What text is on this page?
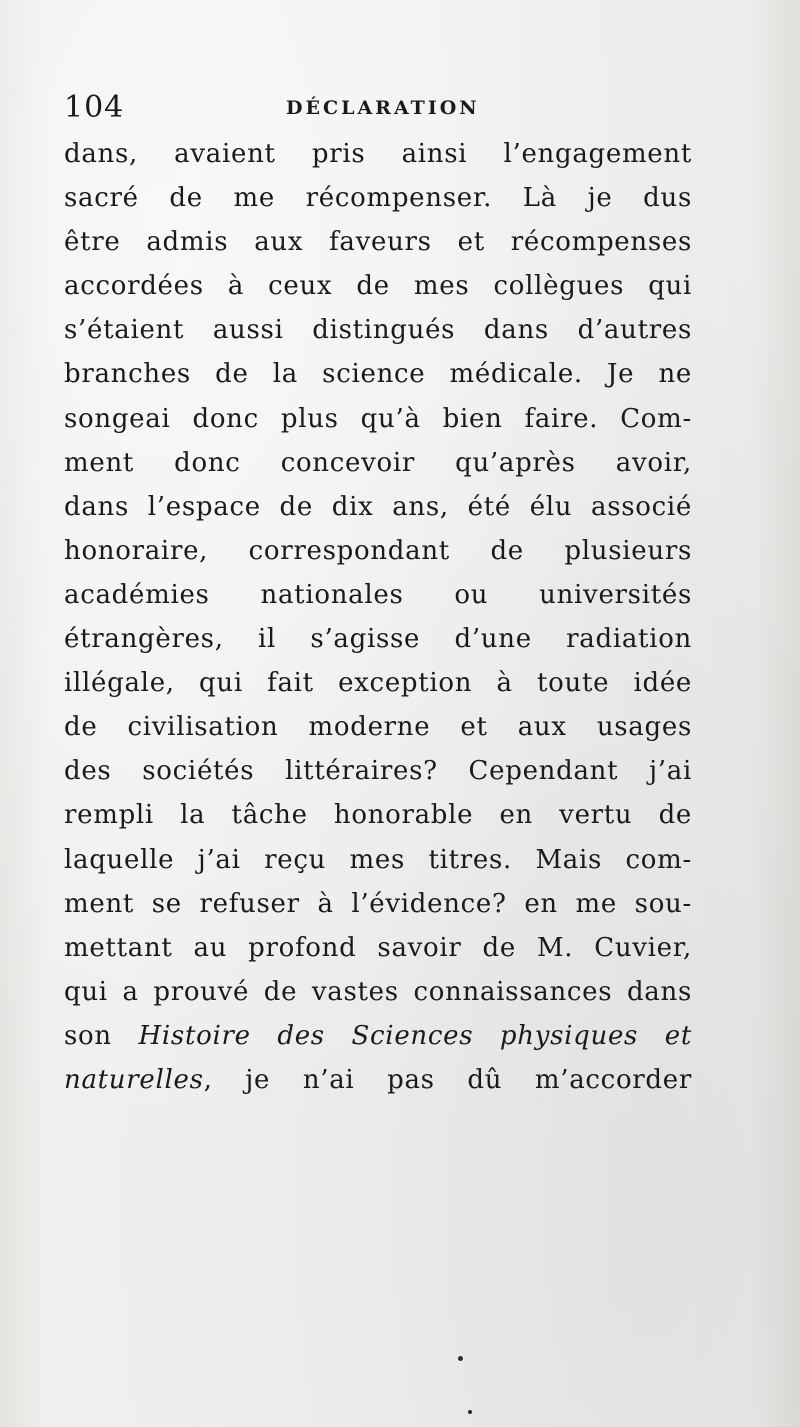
104	DÉCLARATION
dans, avaient pris ainsi l’engagement
sacré de me récompenser. Là je dus
être admis aux faveurs et récompenses
accordées à ceux de mes collègues qui
s’étaient aussi distingués dans d’autres
branches de la science médicale. Je ne
songeai donc plus qu’à bien faire. Com-
ment donc concevoir qu’après avoir,
dans l’espace de dix ans, été élu associé
honoraire, correspondant de plusieurs
académies nationales ou universités
étrangères, il s’agisse d’une radiation
illégale, qui fait exception à toute idée
de civilisation moderne et aux usages
des sociétés littéraires? Cependant j’ai
rempli la tâche honorable en vertu de
laquelle j’ai reçu mes titres. Mais com-
ment se refuser à l’évidence? en me sou-
mettant au profond savoir de M. Cuvier,
qui a prouvé de vastes connaissances dans
son Histoire des Sciences physiques et
naturelles, je n’ai pas dû m’accorder
